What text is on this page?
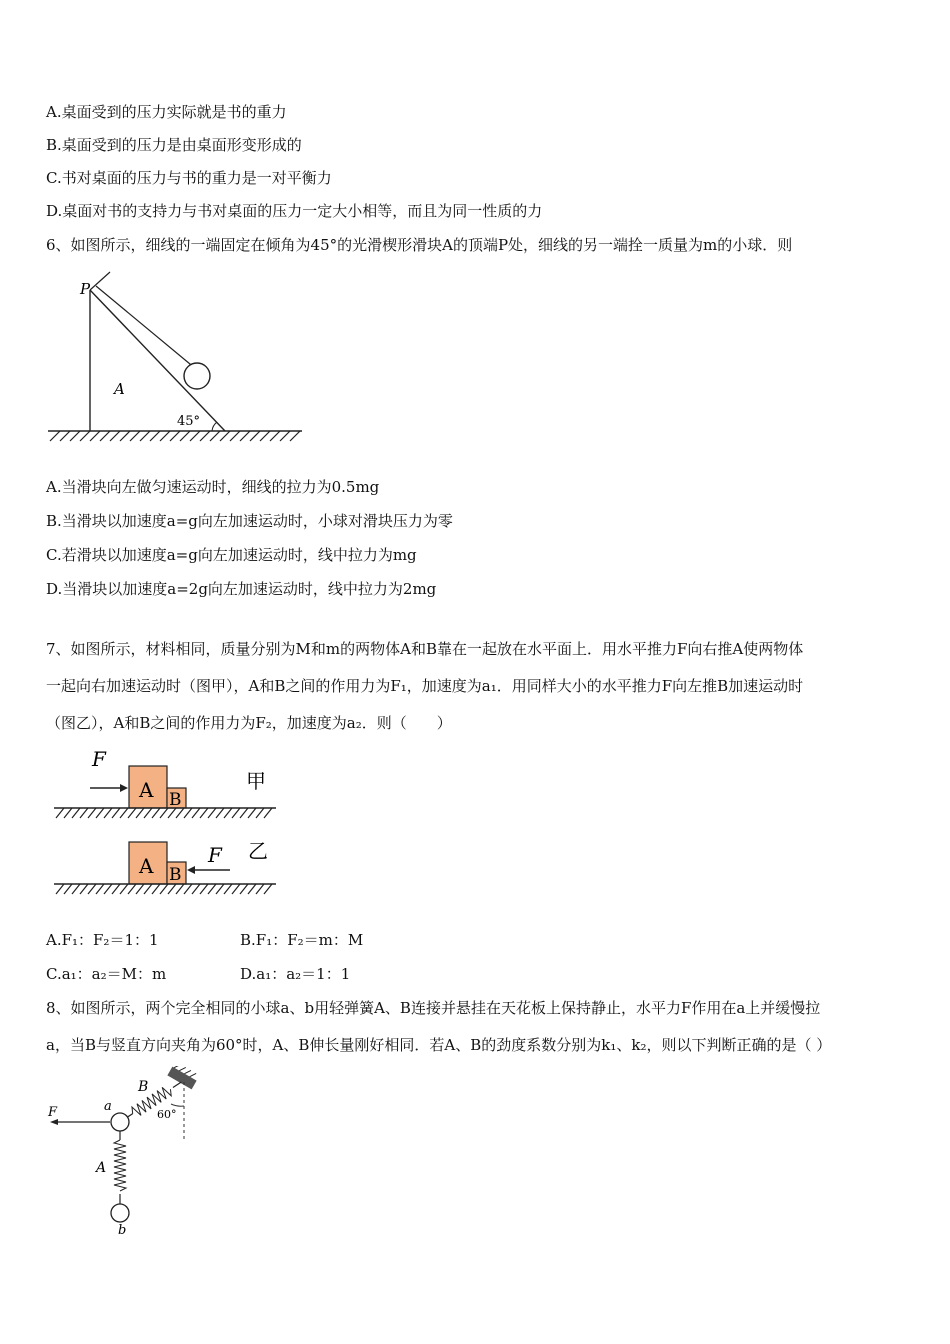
A.桌面受到的压力实际就是书的重力
B.桌面受到的压力是由桌面形变形成的
C.书对桌面的压力与书的重力是一对平衡力
D.桌面对书的支持力与书对桌面的压力一定大小相等，而且为同一性质的力
6、如图所示，细线的一端固定在倾角为45°的光滑楔形滑块A的顶端P处，细线的另一端拴一质量为m的小球．则
P
A
45°
A.当滑块向左做匀速运动时，细线的拉力为0.5mg
B.当滑块以加速度a=g向左加速运动时，小球对滑块压力为零
C.若滑块以加速度a=g向左加速运动时，线中拉力为mg
D.当滑块以加速度a=2g向左加速运动时，线中拉力为2mg
7、如图所示，材料相同，质量分别为M和m的两物体A和B靠在一起放在水平面上．用水平推力F向右推A使两物体
一起向右加速运动时（图甲），A和B之间的作用力为F₁，加速度为a₁．用同样大小的水平推力F向左推B加速运动时
（图乙），A和B之间的作用力为F₂，加速度为a₂．则（　　）
F
A B
甲
A B
F 乙
A.F₁：F₂＝1：1	B.F₁：F₂＝m：M
C.a₁：a₂＝M：m	D.a₁：a₂＝1：1
8、如图所示，两个完全相同的小球a、b用轻弹簧A、B连接并悬挂在天花板上保持静止，水平力F作用在a上并缓慢拉
a，当B与竖直方向夹角为60°时，A、B伸长量刚好相同．若A、B的劲度系数分别为k₁、k₂，则以下判断正确的是（ ）
60°
B
F	a
A
b
